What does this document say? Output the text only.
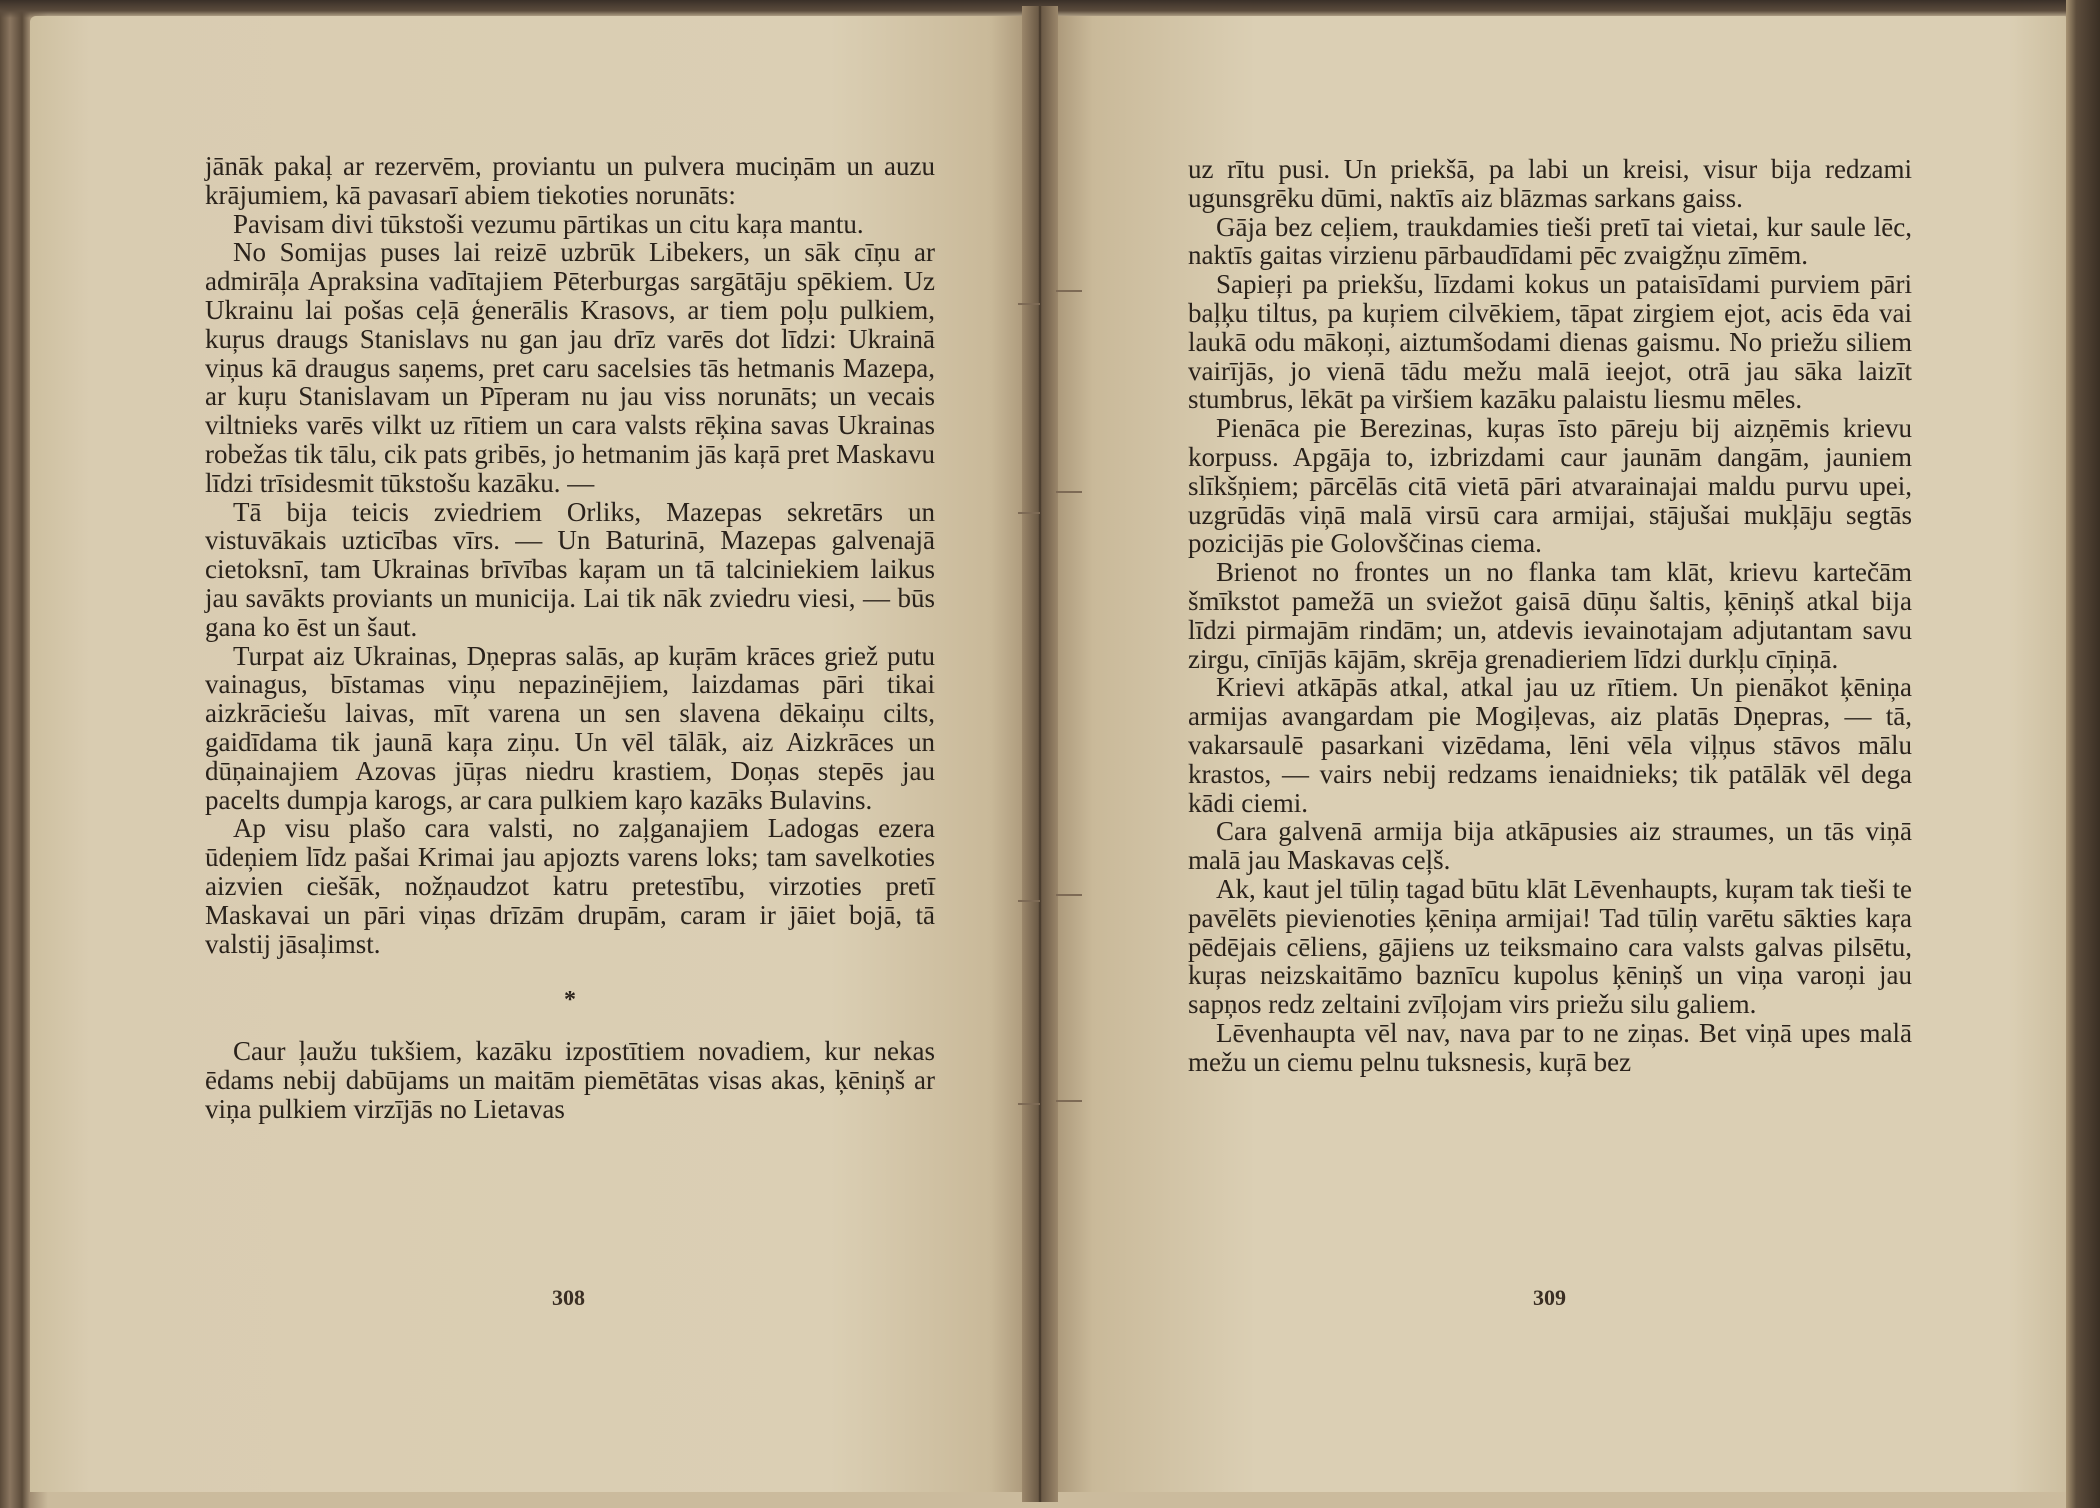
jānāk pakaļ ar rezervēm, proviantu un pulvera muciņām un auzu krājumiem, kā pavasarī abiem tiekoties norunāts:

Pavisam divi tūkstoši vezumu pārtikas un citu kaŗa mantu.

No Somijas puses lai reizē uzbrūk Libekers, un sāk cīņu ar admirāļa Apraksina vadītajiem Pēterburgas sargātāju spēkiem. Uz Ukrainu lai pošas ceļā ģenerālis Krasovs, ar tiem poļu pulkiem, kuŗus draugs Stanislavs nu gan jau drīz varēs dot līdzi: Ukrainā viņus kā draugus saņems, pret caru sacelsies tās hetmanis Mazepa, ar kuŗu Stanislavam un Pīperam nu jau viss norunāts; un vecais viltnieks varēs vilkt uz rītiem un cara valsts rēķina savas Ukrainas robežas tik tālu, cik pats gribēs, jo hetmanim jās kaŗā pret Maskavu līdzi trīsidesmit tūkstošu kazāku. —

Tā bija teicis zviedriem Orliks, Mazepas sekretārs un vistuvākais uzticības vīrs. — Un Baturinā, Mazepas galvenajā cietoksnī, tam Ukrainas brīvības kaŗam un tā talciniekiem laikus jau savākts proviants un municija. Lai tik nāk zviedru viesi, — būs gana ko ēst un šaut.

Turpat aiz Ukrainas, Dņepras salās, ap kuŗām krāces griež putu vainagus, bīstamas viņu nepazinējiem, laizdamas pāri tikai aizkrāciešu laivas, mīt varena un sen slavena dēkaiņu cilts, gaidīdama tik jaunā kaŗa ziņu. Un vēl tālāk, aiz Aizkrāces un dūņainajiem Azovas jūŗas niedru krastiem, Doņas stepēs jau pacelts dumpja karogs, ar cara pulkiem kaŗo kazāks Bulavins.

Ap visu plašo cara valsti, no zaļganajiem Ladogas ezera ūdeņiem līdz pašai Krimai jau apjozts varens loks; tam savelkoties aizvien ciešāk, nožņaudzot katru pretestību, virzoties pretī Maskavai un pāri viņas drīzām drupām, caram ir jāiet bojā, tā valstij jāsaļimst.

*

Caur ļaužu tukšiem, kazāku izpostītiem novadiem, kur nekas ēdams nebij dabūjams un maitām piemētātas visas akas, ķēniņš ar viņa pulkiem virzījās no Lietavas

308

uz rītu pusi. Un priekšā, pa labi un kreisi, visur bija redzami ugunsgrēku dūmi, naktīs aiz blāzmas sarkans gaiss.

Gāja bez ceļiem, traukdamies tieši pretī tai vietai, kur saule lēc, naktīs gaitas virzienu pārbaudīdami pēc zvaigžņu zīmēm.

Sapieŗi pa priekšu, līzdami kokus un pataisīdami purviem pāri baļķu tiltus, pa kuŗiem cilvēkiem, tāpat zirgiem ejot, acis ēda vai laukā odu mākoņi, aiztumšodami dienas gaismu. No priežu siliem vairījās, jo vienā tādu mežu malā ieejot, otrā jau sāka laizīt stumbrus, lēkāt pa viršiem kazāku palaistu liesmu mēles.

Pienāca pie Berezinas, kuŗas īsto pāreju bij aizņēmis krievu korpuss. Apgāja to, izbrizdami caur jaunām dangām, jauniem slīkšņiem; pārcēlās citā vietā pāri atvarainajai maldu purvu upei, uzgrūdās viņā malā virsū cara armijai, stājušai mukļāju segtās pozicijās pie Golovščinas ciema.

Brienot no frontes un no flanka tam klāt, krievu kartečām šmīkstot pamežā un sviežot gaisā dūņu šaltis, ķēniņš atkal bija līdzi pirmajām rindām; un, atdevis ievainotajam adjutantam savu zirgu, cīnījās kājām, skrēja grenadieriem līdzi durkļu cīņiņā.

Krievi atkāpās atkal, atkal jau uz rītiem. Un pienākot ķēniņa armijas avangardam pie Mogiļevas, aiz platās Dņepras, — tā, vakarsaulē pasarkani vizēdama, lēni vēla viļņus stāvos mālu krastos, — vairs nebij redzams ienaidnieks; tik patālāk vēl dega kādi ciemi.

Cara galvenā armija bija atkāpusies aiz straumes, un tās viņā malā jau Maskavas ceļš.

Ak, kaut jel tūliņ tagad būtu klāt Lēvenhaupts, kuŗam tak tieši te pavēlēts pievienoties ķēniņa armijai! Tad tūliņ varētu sākties kaŗa pēdējais cēliens, gājiens uz teiksmaino cara valsts galvas pilsētu, kuŗas neizskaitāmo baznīcu kupolus ķēniņš un viņa varoņi jau sapņos redz zeltaini zvīļojam virs priežu silu galiem.

Lēvenhaupta vēl nav, nava par to ne ziņas. Bet viņā upes malā mežu un ciemu pelnu tuksnesis, kuŗā bez

309
